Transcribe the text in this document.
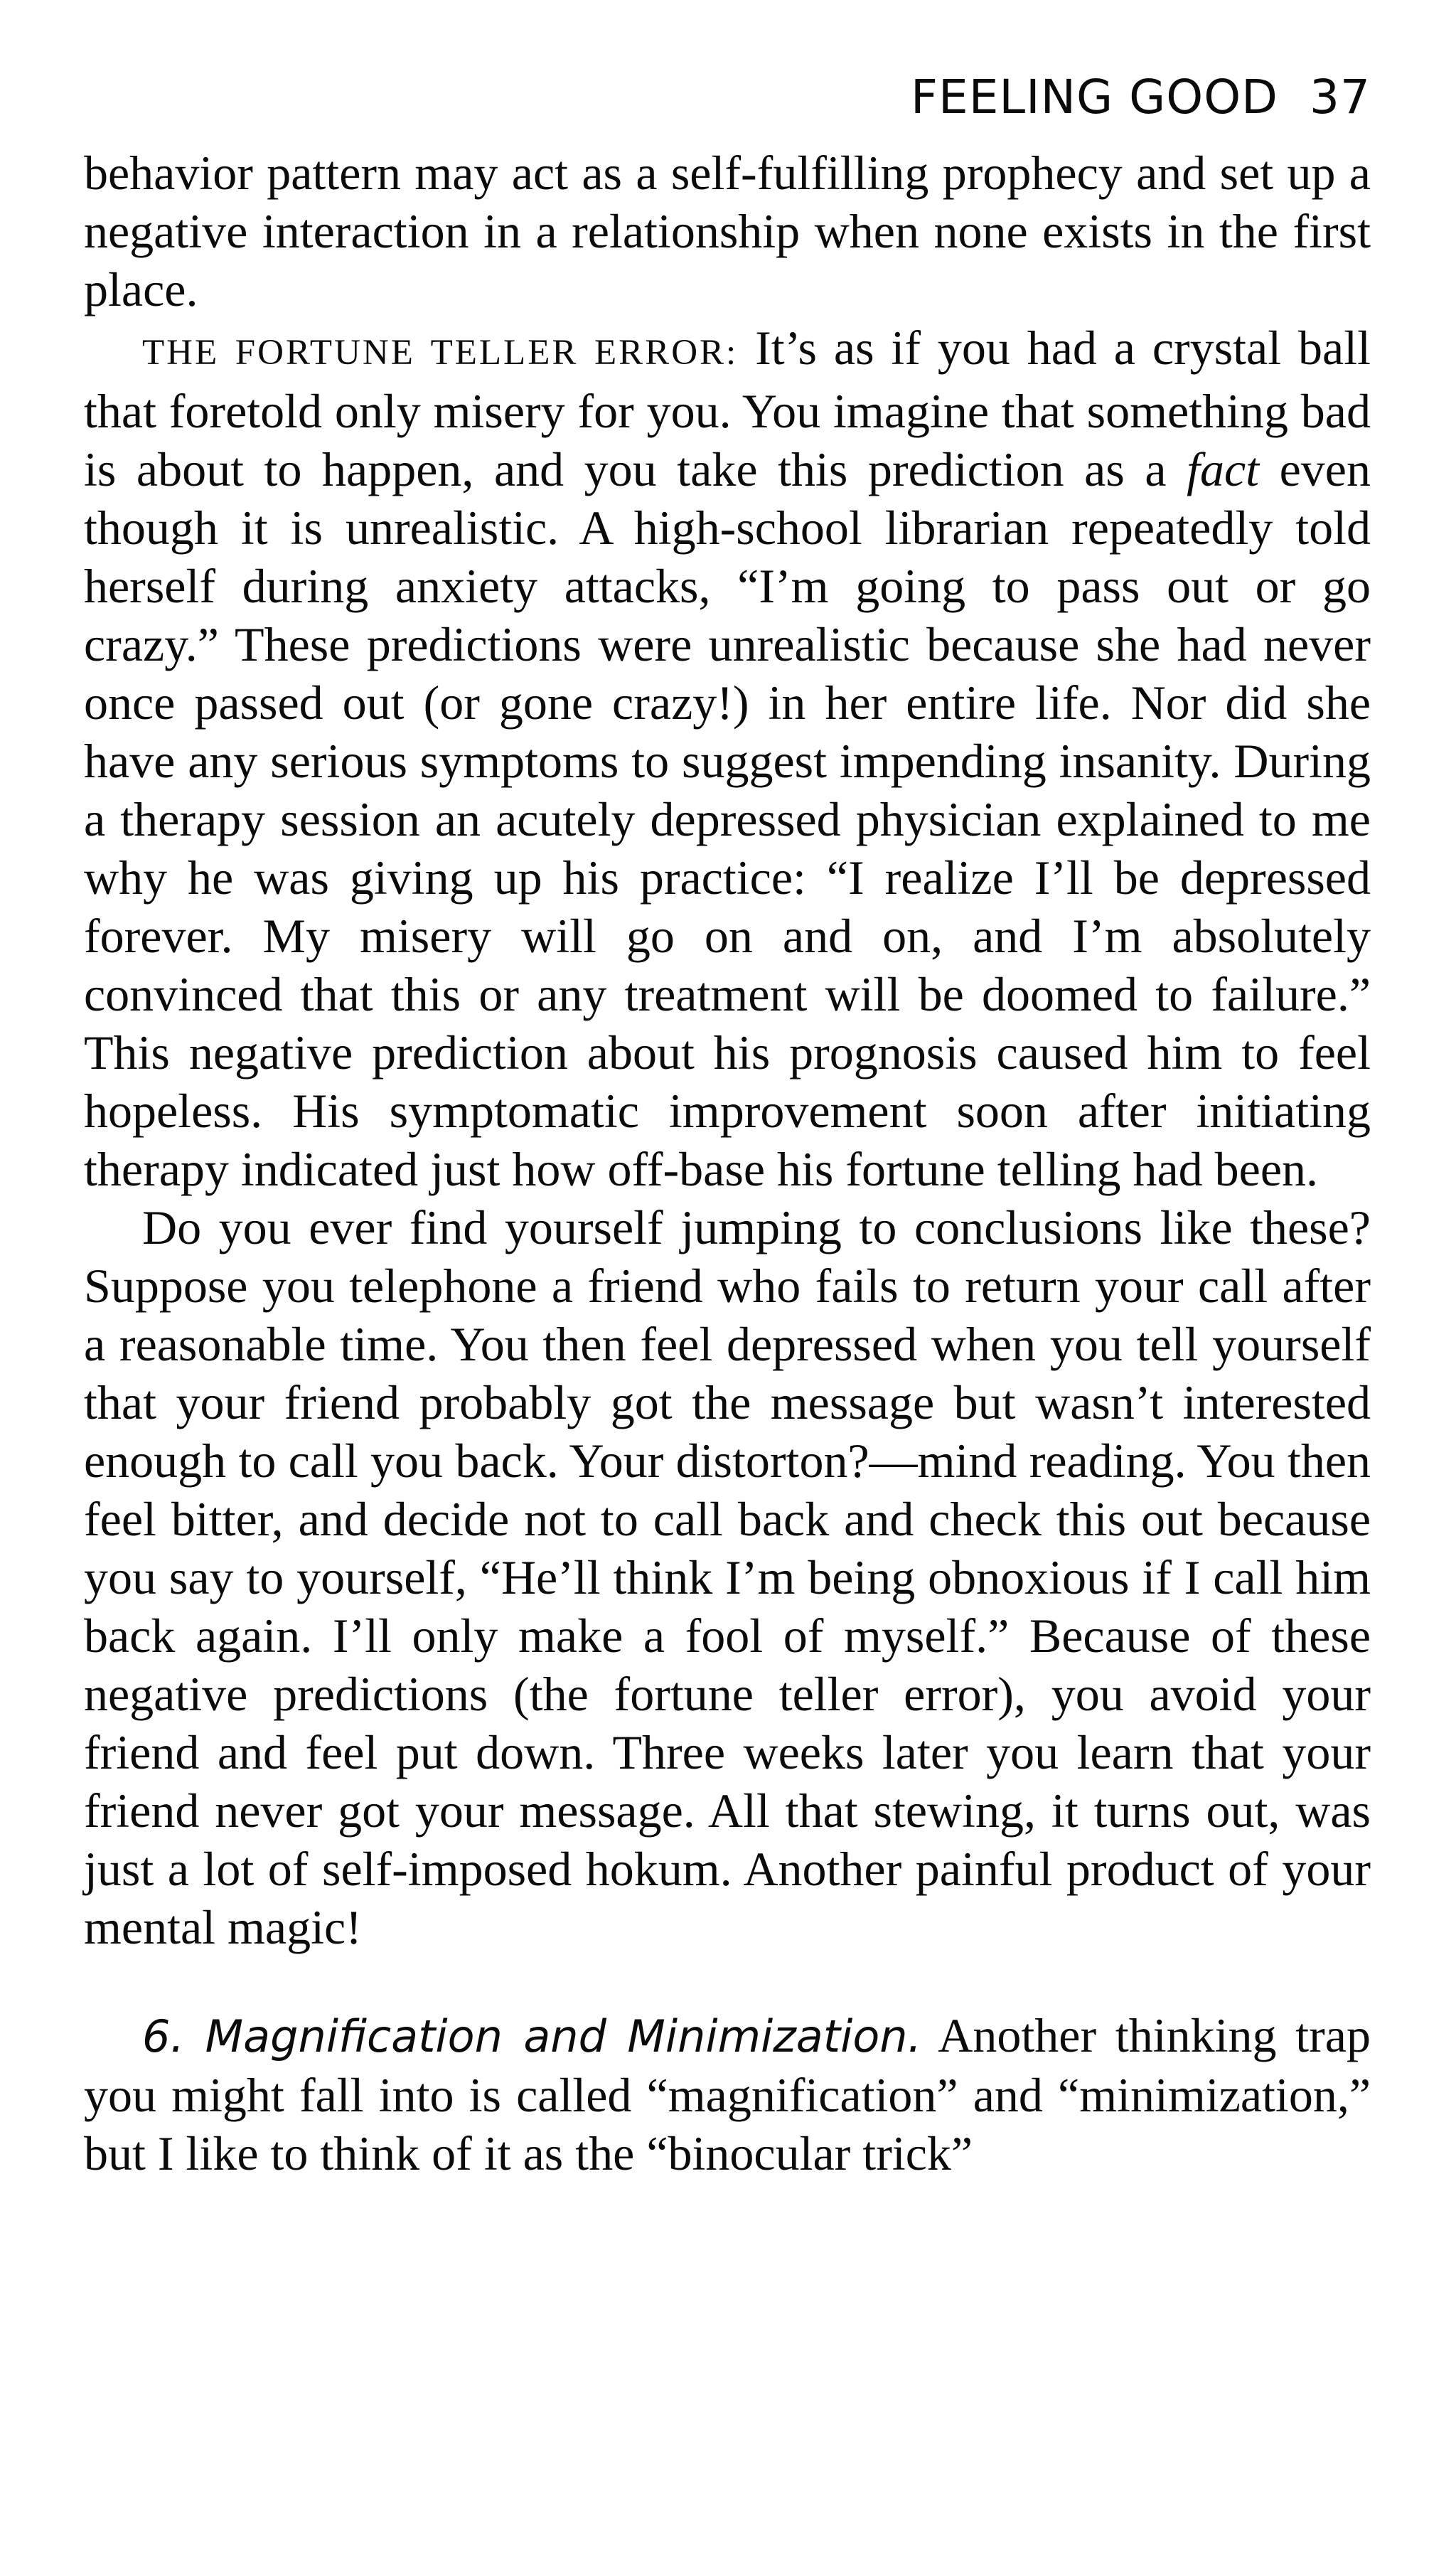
FEELING GOOD 37

behavior pattern may act as a self-fulfilling prophecy and set up a negative interaction in a relationship when none exists in the first place.

THE FORTUNE TELLER ERROR: It’s as if you had a crystal ball that foretold only misery for you. You imagine that something bad is about to happen, and you take this prediction as a fact even though it is unrealistic. A high-school librarian repeatedly told herself during anxiety attacks, “I’m going to pass out or go crazy.” These predictions were unrealistic because she had never once passed out (or gone crazy!) in her entire life. Nor did she have any serious symptoms to suggest impending insanity. During a therapy session an acutely depressed physician explained to me why he was giving up his practice: “I realize I’ll be depressed forever. My misery will go on and on, and I’m absolutely convinced that this or any treatment will be doomed to failure.” This negative prediction about his prognosis caused him to feel hopeless. His symptomatic improvement soon after initiating therapy indicated just how off-base his fortune telling had been.

Do you ever find yourself jumping to conclusions like these? Suppose you telephone a friend who fails to return your call after a reasonable time. You then feel depressed when you tell yourself that your friend probably got the message but wasn’t interested enough to call you back. Your distorton?—mind reading. You then feel bitter, and decide not to call back and check this out because you say to yourself, “He’ll think I’m being obnoxious if I call him back again. I’ll only make a fool of myself.” Because of these negative predictions (the fortune teller error), you avoid your friend and feel put down. Three weeks later you learn that your friend never got your message. All that stewing, it turns out, was just a lot of self-imposed hokum. Another painful product of your mental magic!

6. Magnification and Minimization. Another thinking trap you might fall into is called “magnification” and “minimization,” but I like to think of it as the “binocular trick”
